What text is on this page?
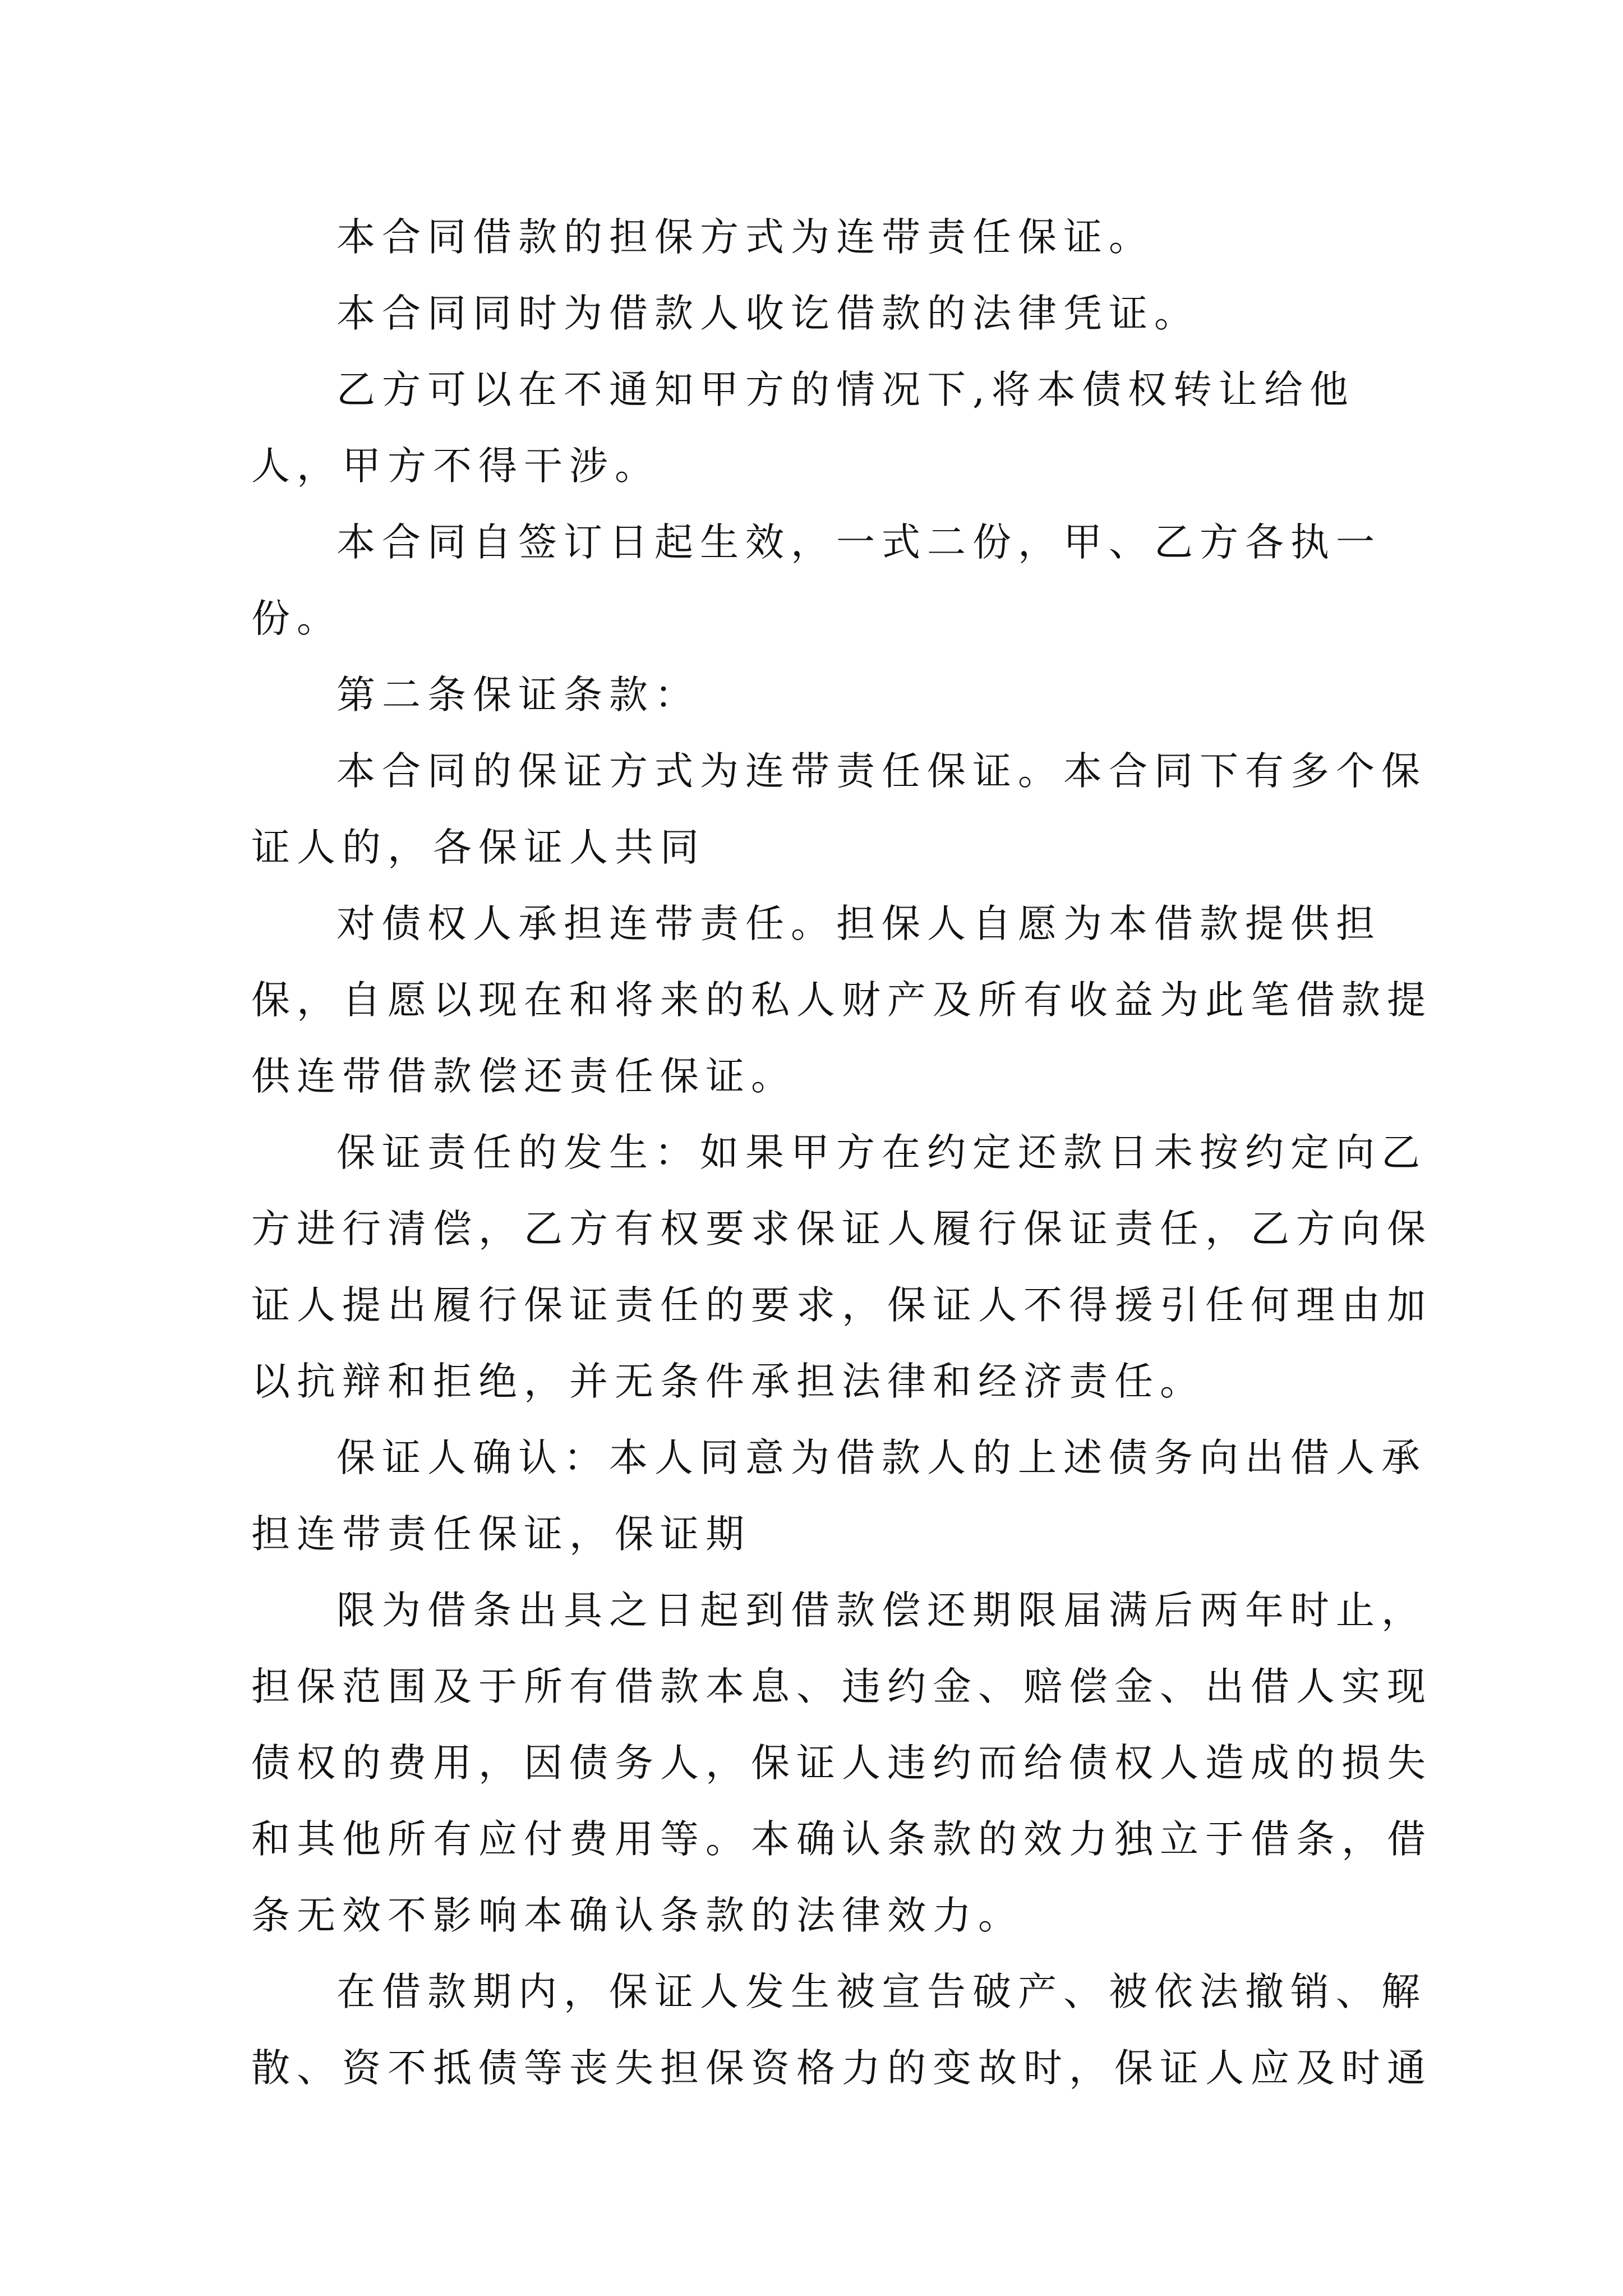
本合同借款的担保方式为连带责任保证。

本合同同时为借款人收讫借款的法律凭证。

乙方可以在不通知甲方的情况下,将本债权转让给他人，甲方不得干涉。

本合同自签订日起生效，一式二份，甲、乙方各执一份。

第二条保证条款：

本合同的保证方式为连带责任保证。本合同下有多个保证人的，各保证人共同

对债权人承担连带责任。担保人自愿为本借款提供担保，自愿以现在和将来的私人财产及所有收益为此笔借款提供连带借款偿还责任保证。

保证责任的发生：如果甲方在约定还款日未按约定向乙方进行清偿，乙方有权要求保证人履行保证责任，乙方向保证人提出履行保证责任的要求，保证人不得援引任何理由加以抗辩和拒绝，并无条件承担法律和经济责任。

保证人确认：本人同意为借款人的上述债务向出借人承担连带责任保证，保证期

限为借条出具之日起到借款偿还期限届满后两年时止，担保范围及于所有借款本息、违约金、赔偿金、出借人实现债权的费用，因债务人，保证人违约而给债权人造成的损失和其他所有应付费用等。本确认条款的效力独立于借条，借条无效不影响本确认条款的法律效力。

在借款期内，保证人发生被宣告破产、被依法撤销、解散、资不抵债等丧失担保资格力的变故时，保证人应及时通
